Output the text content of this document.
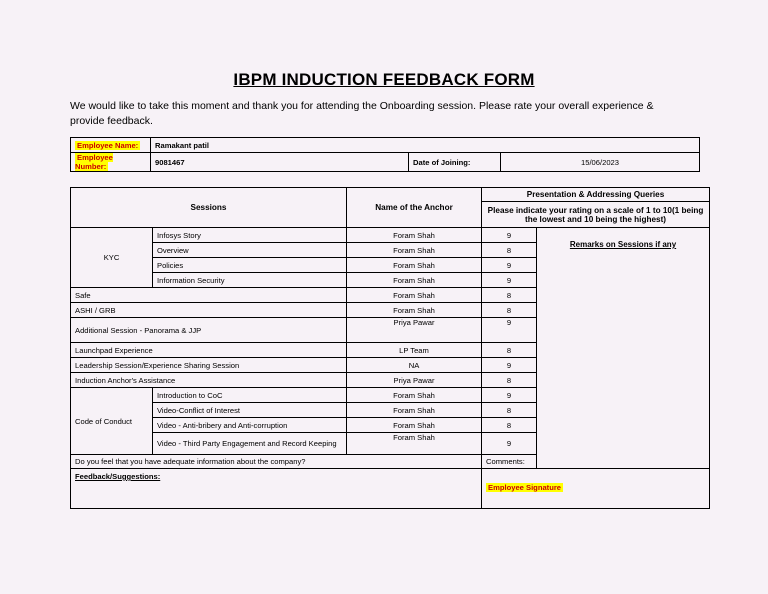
IBPM INDUCTION FEEDBACK FORM
We would like to take this moment and thank you for attending the Onboarding session. Please rate your overall experience & provide feedback.
Employee Name:	Ramakant patil		
Employee Number:	9081467	Date of Joining:	15/06/2023
Sessions		Name of the Anchor	Presentation & Addressing Queries	
			Please indicate your rating on a scale of 1 to 10(1 being the lowest and 10 being the highest)	
KYC	Infosys Story	Foram Shah	9	Remarks on Sessions if any

	Overview	Foram Shah	8	
	Policies	Foram Shah	9	
	Information Security	Foram Shah	9	
Safe		Foram Shah	8	
ASHI / GRB		Foram Shah	8	
Additional Session - Panorama & JJP		Priya Pawar	9	
Launchpad Experience		LP Team	8	
Leadership Session/Experience Sharing Session		NA	9	
Induction Anchor's Assistance		Priya Pawar	8	
Code of Conduct	Introduction to CoC	Foram Shah	9	
	Video-Conflict of Interest	Foram Shah	8	
	Video - Anti-bribery and Anti-corruption	Foram Shah	8	
	Video - Third Party Engagement and Record Keeping	Foram Shah	9	
Do you feel that you have adequate information about the company?			Comments:	
Feedback/Suggestions:			Employee Signature	
